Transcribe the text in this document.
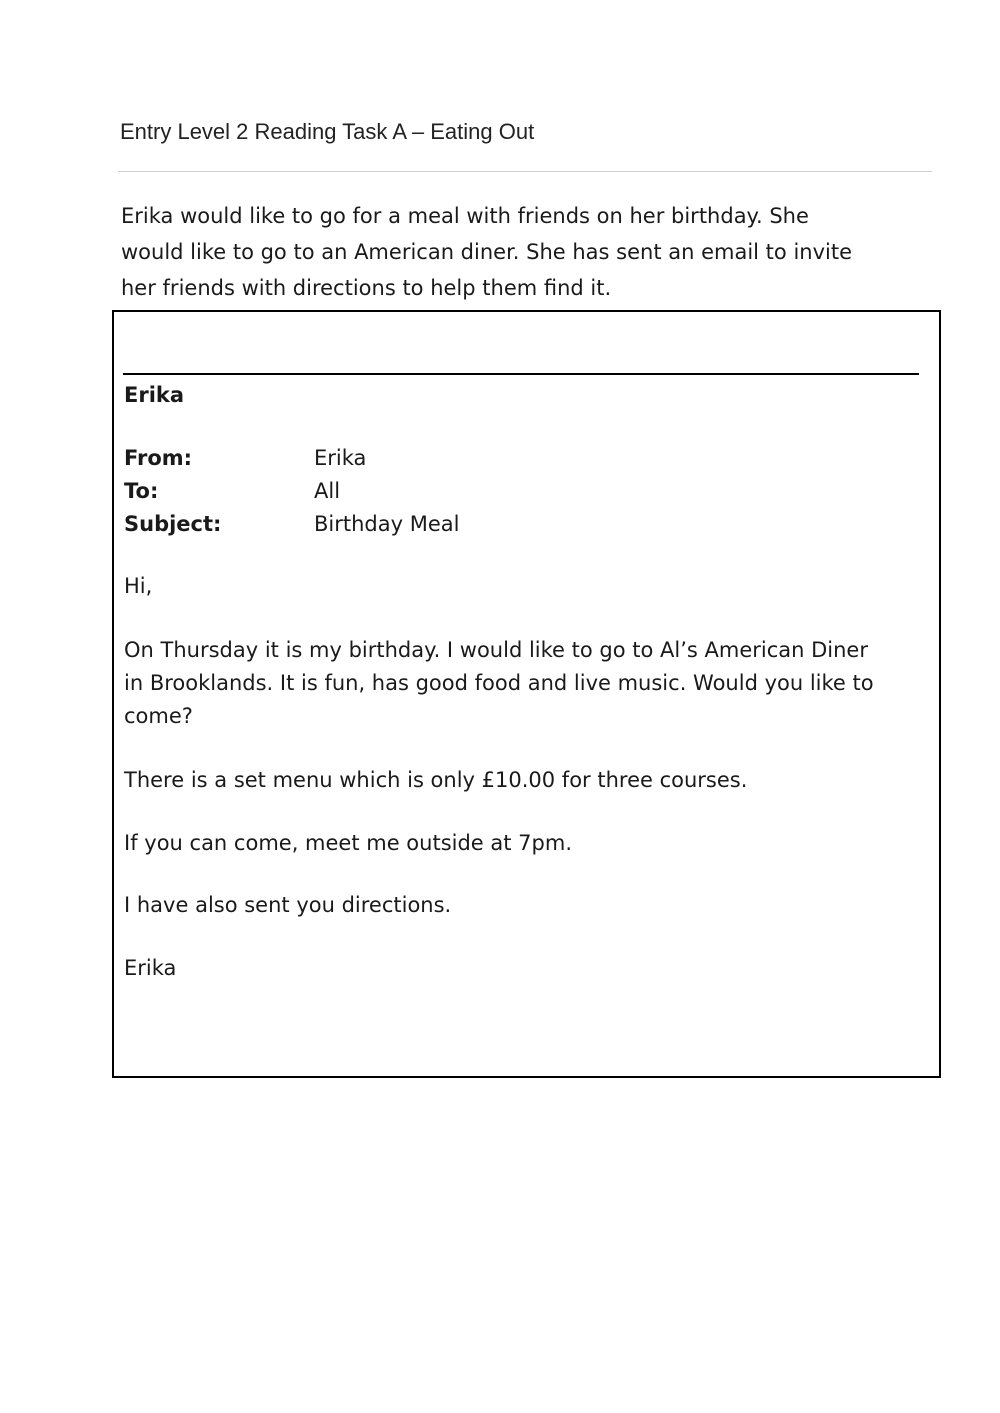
Entry Level 2 Reading Task A – Eating Out

Erika would like to go for a meal with friends on her birthday. She
would like to go to an American diner. She has sent an email to invite
her friends with directions to help them find it.

Erika
From:	Erika
To:	All
Subject:	Birthday Meal
Hi,
On Thursday it is my birthday. I would like to go to Al’s American Diner
in Brooklands. It is fun, has good food and live music. Would you like to
come?
There is a set menu which is only £10.00 for three courses.
If you can come, meet me outside at 7pm.
I have also sent you directions.
Erika
